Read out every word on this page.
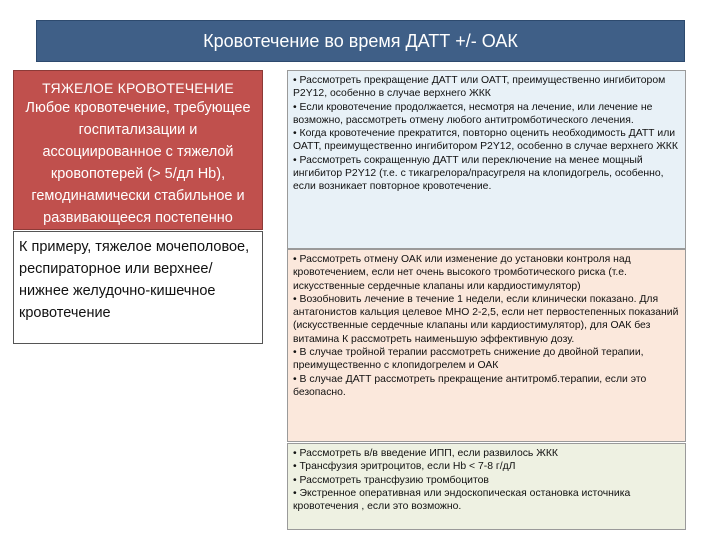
Кровотечение во время ДАТТ +/- ОАК
ТЯЖЕЛОЕ КРОВОТЕЧЕНИЕ
Любое кровотечение, требующее госпитализации и ассоциированное с тяжелой кровопотерей (> 5/дл Hb), гемодинамически стабильное и развивающееся постепенно
К примеру, тяжелое мочеполовое, респираторное или верхнее/нижнее желудочно-кишечное кровотечение

• Рассмотреть прекращение ДАТТ или ОАТТ, преимущественно ингибитором P2Y12, особенно в случае верхнего ЖКК

• Если кровотечение продолжается, несмотря на лечение, или лечение не возможно, рассмотреть отмену любого антитромботического лечения.

• Когда кровотечение прекратится, повторно оценить необходимость ДАТТ или ОАТТ, преимущественно ингибитором P2Y12, особенно в случае верхнего ЖКК

• Рассмотреть сокращенную ДАТТ или переключение на менее мощный ингибитор P2Y12 (т.е. с тикагрелора/прасугреля на клопидогрель, особенно, если возникает повторное кровотечение.

• Рассмотреть отмену ОАК или изменение до установки контроля над кровотечением, если нет очень высокого тромботического риска (т.е. искусственные сердечные клапаны или кардиостимулятор)

• Возобновить лечение в течение 1 недели, если клинически показано. Для антагонистов кальция целевое МНО 2-2,5, если нет первостепенных показаний (искусственные сердечные клапаны или кардиостимулятор), для ОАК без витамина К рассмотреть наименьшую эффективную дозу.

• В случае тройной терапии рассмотреть снижение до двойной терапии, преимущественно с клопидогрелем и ОАК

• В случае ДАТТ рассмотреть прекращение антитромб.терапии, если это безопасно.

• Рассмотреть в/в введение ИПП, если развилось ЖКК

• Трансфузия эритроцитов, если Hb < 7-8 г/дЛ

• Рассмотреть трансфузию тромбоцитов

• Экстренное оперативная или эндоскопическая остановка источника кровотечения , если это возможно.
